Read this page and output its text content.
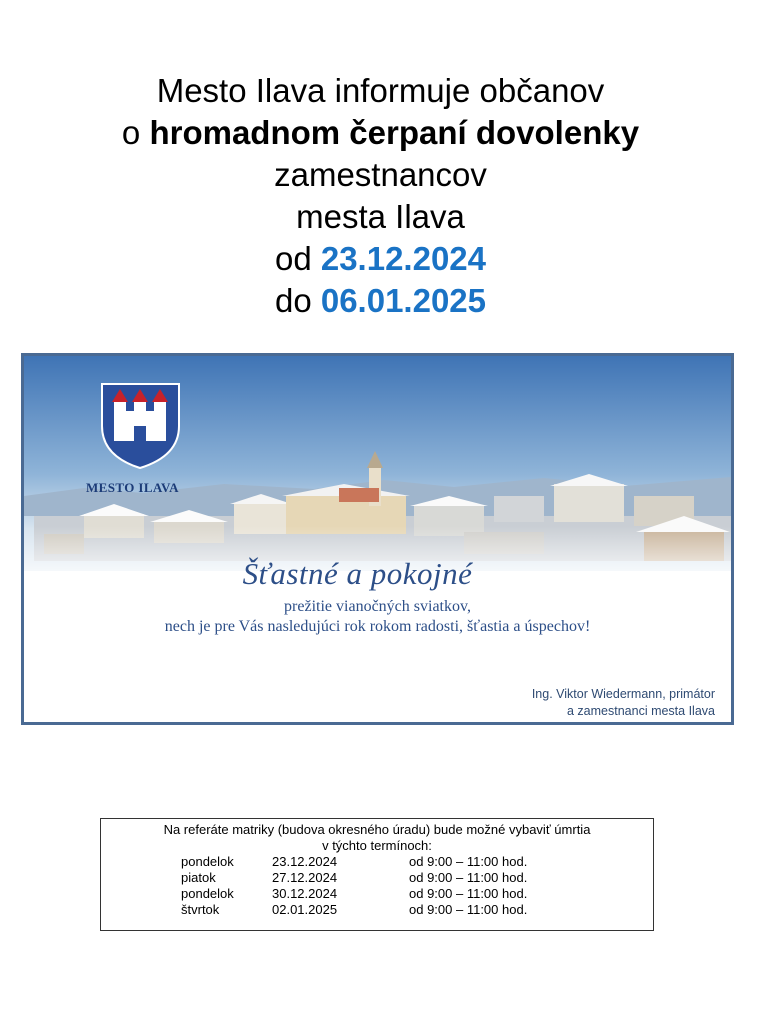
Mesto Ilava informuje občanov
o hromadnom čerpaní dovolenky
zamestnancov
mesta Ilava
od 23.12.2024
do 06.01.2025
MESTO ILAVA
Šťastné a pokojné
prežitie vianočných sviatkov,
nech je pre Vás nasledujúci rok rokom radosti, šťastia a úspechov!
Ing. Viktor Wiedermann, primátor
a zamestnanci mesta Ilava
Na referáte matriky (budova okresného úradu) bude možné vybaviť úmrtia
v týchto termínoch:
pondelok	23.12.2024	od 9:00 – 11:00 hod.
piatok	27.12.2024	od 9:00 – 11:00 hod.
pondelok	30.12.2024	od 9:00 – 11:00 hod.
štvrtok	02.01.2025	od 9:00 – 11:00 hod.
